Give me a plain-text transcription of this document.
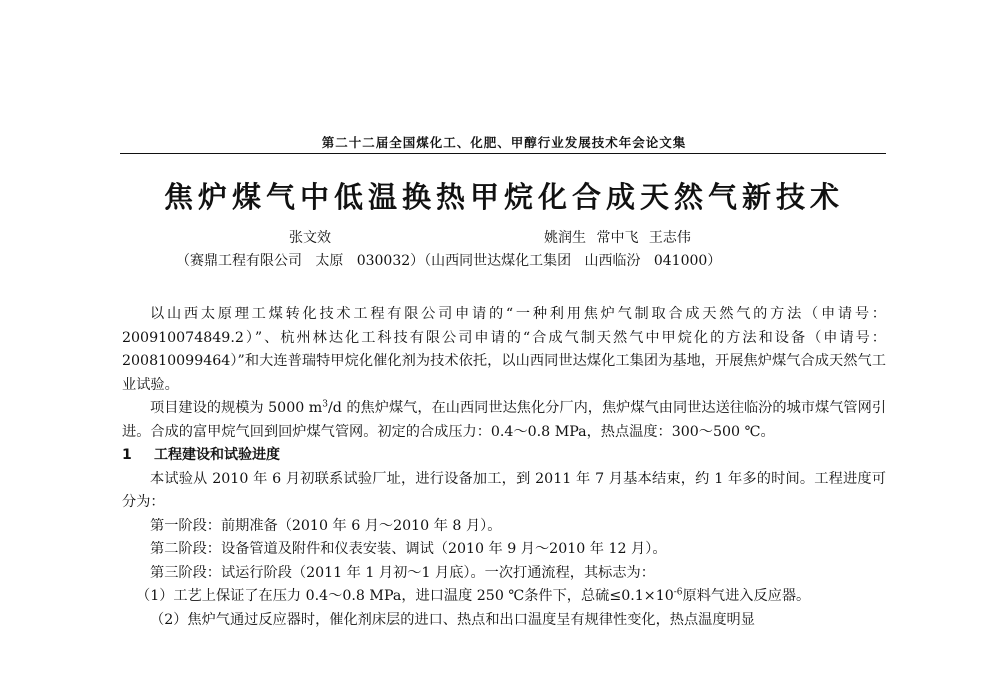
第二十二届全国煤化工、化肥、甲醇行业发展技术年会论文集
焦炉煤气中低温换热甲烷化合成天然气新技术
张文效	姚润生 常中飞 王志伟
（赛鼎工程有限公司   太原   030032）（山西同世达煤化工集团   山西临汾   041000）

以山西太原理工煤转化技术工程有限公司申请的“一种利用焦炉气制取合成天然气的方法（申请号：200910074849.2）”、杭州林达化工科技有限公司申请的“合成气制天然气中甲烷化的方法和设备（申请号：200810099464）”和大连普瑞特甲烷化催化剂为技术依托，以山西同世达煤化工集团为基地，开展焦炉煤气合成天然气工业试验。

项目建设的规模为 5000 $m^3/d$ 的焦炉煤气，在山西同世达焦化分厂内，焦炉煤气由同世达送往临汾的城市煤气管网引进。合成的富甲烷气回到回炉煤气管网。初定的合成压力：0.4～0.8 MPa，热点温度：300～500 ℃。

1 工程建设和试验进度

本试验从 2010 年 6 月初联系试验厂址，进行设备加工，到 2011 年 7 月基本结束，约 1 年多的时间。工程进度可分为：

第一阶段：前期准备（2010 年 6 月～2010 年 8 月）。

第二阶段：设备管道及附件和仪表安装、调试（2010 年 9 月～2010 年 12 月）。

第三阶段：试运行阶段（2011 年 1 月初～1 月底）。一次打通流程，其标志为：

（1）工艺上保证了在压力 0.4～0.8 MPa，进口温度 250 ℃条件下，总硫$\le 0.1\times 10^{-6}$原料气进入反应器。

（2）焦炉气通过反应器时，催化剂床层的进口、热点和出口温度呈有规律性变化，热点温度明显
